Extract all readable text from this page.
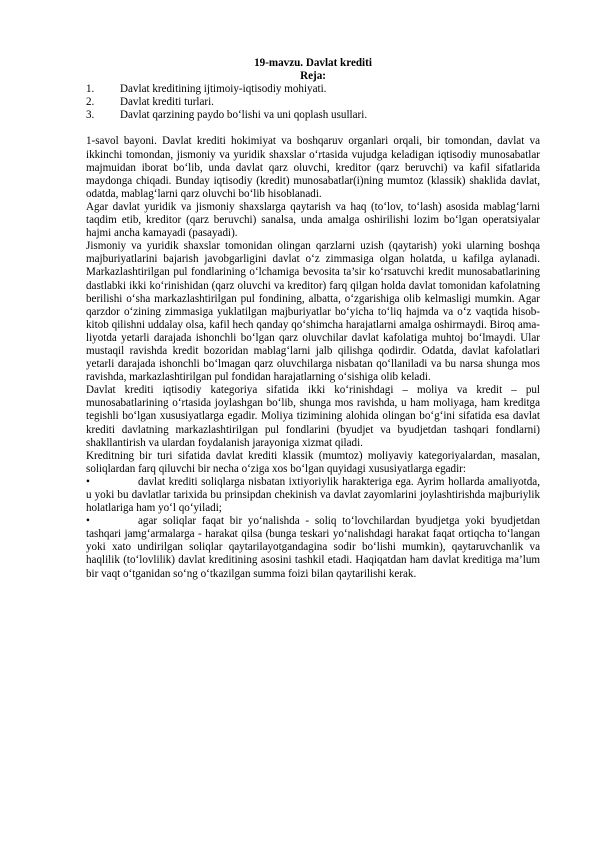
19-mavzu. Davlat krediti
Reja:
1.	Davlat kreditining ijtimoiy-iqtisodiy mohiyati.
2.	Davlat krediti turlari.
3.	Davlat qarzining paydo bo‘lishi va uni qoplash usullari.

1-savol bayoni. Davlat krediti hokimiyat va boshqaruv organlari orqali, bir tomondan, davlat va ikkinchi tomondan, jismoniy va yuridik shaxslar o‘rtasida vujudga keladigan iqtisodiy munosabatlar majmuidan iborat bo‘lib, unda davlat qarz oluvchi, kreditor (qarz beruvchi) va kafil sifatlarida maydonga chiqadi. Bunday iqtisodiy (kredit) munosabatlar(i)ning mumtoz (klassik) shaklida davlat, odatda, mablag‘larni qarz oluvchi bo‘lib hisoblanadi.

Agar davlat yuridik va jismoniy shaxslarga qaytarish va haq (to‘lov, to‘lash) asosida mablag‘larni taqdim etib, kreditor (qarz beruvchi) sanalsa, unda amalga oshirilishi lozim bo‘lgan operatsiyalar hajmi ancha kamayadi (pasayadi).

Jismoniy va yuridik shaxslar tomonidan olingan qarzlarni uzish (qaytarish) yoki ularning boshqa majburiyatlarini bajarish javobgarligini davlat o‘z zimmasiga olgan holatda, u kafilga aylanadi. Markazlashtirilgan pul fondlarining o‘lchamiga bevosita ta’sir ko‘rsatuvchi kredit munosabatlarining dastlabki ikki ko‘rinishidan (qarz oluvchi va kreditor) farq qilgan holda davlat tomonidan kafolatning berilishi o‘sha markazlashtirilgan pul fondining, albatta, o‘zgarishiga olib kelmasligi mumkin. Agar qarzdor o‘zining zimmasiga yuklatilgan majburiyatlar bo‘yicha to‘liq hajmda va o‘z vaqtida hisob-kitob qilishni uddalay olsa, kafil hech qanday qo‘shimcha harajatlarni amalga oshirmaydi. Biroq ama-liyotda yetarli darajada ishonchli bo‘lgan qarz oluvchilar davlat kafolatiga muhtoj bo‘lmaydi. Ular mustaqil ravishda kredit bozoridan mablag‘larni jalb qilishga qodirdir. Odatda, davlat kafolatlari yetarli darajada ishonchli bo‘lmagan qarz oluvchilarga nisbatan qo‘llaniladi va bu narsa shunga mos ravishda, markazlashtirilgan pul fondidan harajatlarning o‘sishiga olib keladi.

Davlat krediti iqtisodiy kategoriya sifatida ikki ko‘rinishdagi – moliya va kredit – pul munosabatlarining o‘rtasida joylashgan bo‘lib, shunga mos ravishda, u ham moliyaga, ham kreditga tegishli bo‘lgan xususiyatlarga egadir. Moliya tizimining alohida olingan bo‘g‘ini sifatida esa davlat krediti davlatning markazlashtirilgan pul fondlarini (byudjet va byudjetdan tashqari fondlarni) shakllantirish va ulardan foydalanish jarayoniga xizmat qiladi.

Kreditning bir turi sifatida davlat krediti klassik (mumtoz) moliyaviy kategoriyalardan, masalan, soliqlardan farq qiluvchi bir necha o‘ziga xos bo‘lgan quyidagi xususiyatlarga egadir:

•	davlat krediti soliqlarga nisbatan ixtiyoriylik harakteriga ega. Ayrim hollarda amaliyotda, u yoki bu davlatlar tarixida bu prinsipdan chekinish va davlat zayomlarini joylashtirishda majburiylik holatlariga ham yo‘l qo‘yiladi;

•	agar soliqlar faqat bir yo‘nalishda - soliq to‘lovchilardan byudjetga yoki byudjetdan tashqari jamg‘armalarga - harakat qilsa (bunga teskari yo‘nalishdagi harakat faqat ortiqcha to‘langan yoki xato undirilgan soliqlar qaytarilayotgandagina sodir bo‘lishi mumkin), qaytaruvchanlik va haqlilik (to‘lovlilik) davlat kreditining asosini tashkil etadi. Haqiqatdan ham davlat kreditiga ma’lum bir vaqt o‘tganidan so‘ng o‘tkazilgan summa foizi bilan qaytarilishi kerak.
